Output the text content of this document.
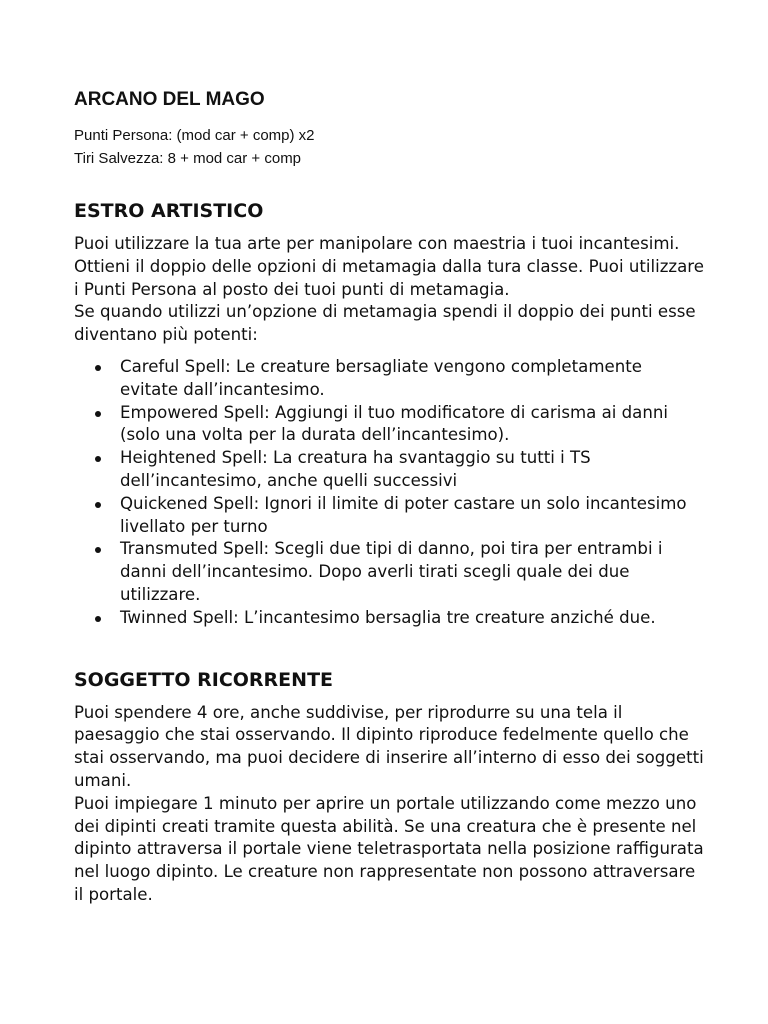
ARCANO DEL MAGO
Punti Persona: (mod car + comp) x2
Tiri Salvezza: 8 + mod car + comp
ESTRO ARTISTICO

Puoi utilizzare la tua arte per manipolare con maestria i tuoi incantesimi. Ottieni il doppio delle opzioni di metamagia dalla tura classe. Puoi utilizzare i Punti Persona al posto dei tuoi punti di metamagia.

Se quando utilizzi un’opzione di metamagia spendi il doppio dei punti esse diventano più potenti:

Careful Spell: Le creature bersagliate vengono completamente evitate dall’incantesimo.
Empowered Spell: Aggiungi il tuo modificatore di carisma ai danni (solo una volta per la durata dell’incantesimo).
Heightened Spell: La creatura ha svantaggio su tutti i TS dell’incantesimo, anche quelli successivi
Quickened Spell: Ignori il limite di poter castare un solo incantesimo livellato per turno
Transmuted Spell: Scegli due tipi di danno, poi tira per entrambi i danni dell’incantesimo. Dopo averli tirati scegli quale dei due utilizzare.
Twinned Spell: L’incantesimo bersaglia tre creature anziché due.
SOGGETTO RICORRENTE

Puoi spendere 4 ore, anche suddivise, per riprodurre su una tela il paesaggio che stai osservando. Il dipinto riproduce fedelmente quello che stai osservando, ma puoi decidere di inserire all’interno di esso dei soggetti umani.

Puoi impiegare 1 minuto per aprire un portale utilizzando come mezzo uno dei dipinti creati tramite questa abilità. Se una creatura che è presente nel dipinto attraversa il portale viene teletrasportata nella posizione raffigurata nel luogo dipinto. Le creature non rappresentate non possono attraversare il portale.
